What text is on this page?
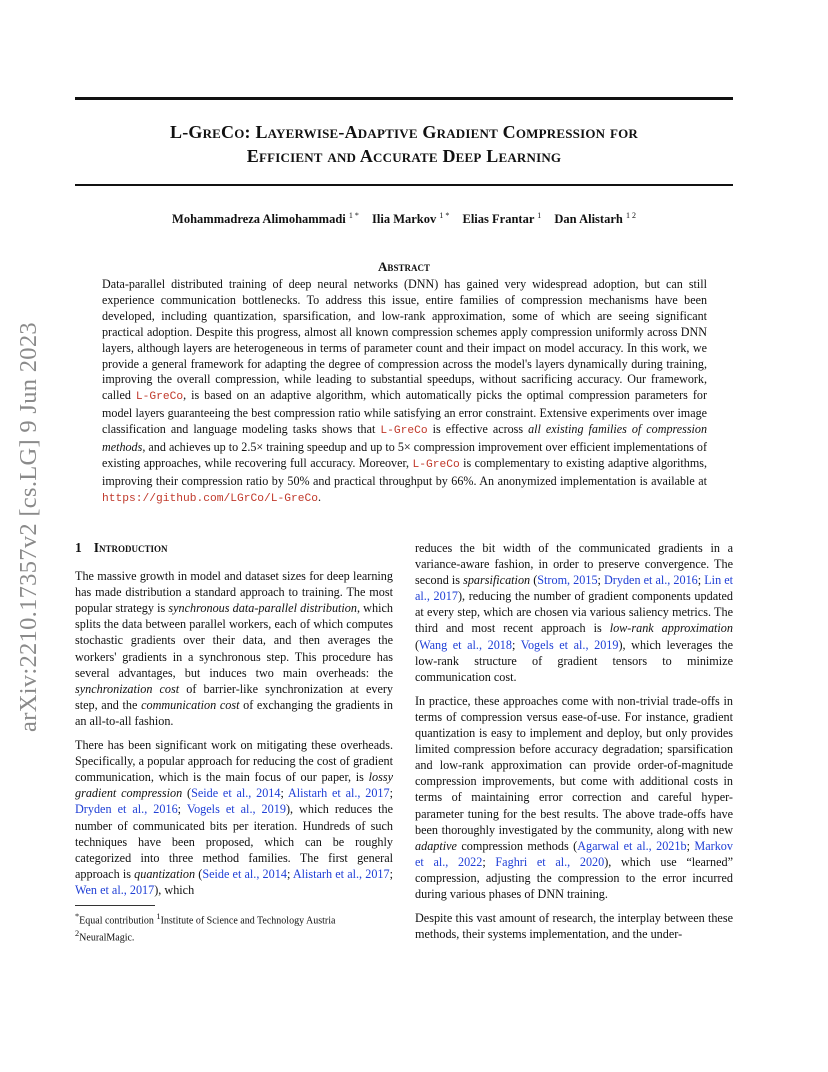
L-GreCo: Layerwise-Adaptive Gradient Compression for
Efficient and Accurate Deep Learning
Mohammadreza Alimohammadi $^{1 *}$ Ilia Markov $^{1 *}$ Elias Frantar $^1$ Dan Alistarh $^{1 2}$
Abstract
Data-parallel distributed training of deep neural networks (DNN) has gained very widespread adoption, but can still experience communication bottlenecks. To address this issue, entire families of compression mechanisms have been developed, including quantization, sparsification, and low-rank approximation, some of which are seeing significant practical adoption. Despite this progress, almost all known compression schemes apply compression uniformly across DNN layers, although layers are heterogeneous in terms of parameter count and their impact on model accuracy. In this work, we provide a general framework for adapting the degree of compression across the model's layers dynamically during training, improving the overall compression, while leading to substantial speedups, without sacrificing accuracy. Our framework, called L-GreCo, is based on an adaptive algorithm, which automatically picks the optimal compression parameters for model layers guaranteeing the best compression ratio while satisfying an error constraint. Extensive experiments over image classification and language modeling tasks shows that L-GreCo is effective across all existing families of compression methods, and achieves up to 2.5× training speedup and up to 5× compression improvement over efficient implementations of existing approaches, while recovering full accuracy. Moreover, L-GreCo is complementary to existing adaptive algorithms, improving their compression ratio by 50% and practical throughput by 66%. An anonymized implementation is available at https://github.com/LGrCo/L-GreCo.
arXiv:2210.17357v2 [cs.LG] 9 Jun 2023 1 Introduction

The massive growth in model and dataset sizes for deep learning has made distribution a standard approach to training. The most popular strategy is synchronous data-parallel distribution, which splits the data between parallel workers, each of which computes stochastic gradients over their data, and then averages the workers' gradients in a synchronous step. This procedure has several advantages, but induces two main overheads: the synchronization cost of barrier-like synchronization at every step, and the communication cost of exchanging the gradients in an all-to-all fashion.

There has been significant work on mitigating these overheads. Specifically, a popular approach for reducing the cost of gradient communication, which is the main focus of our paper, is lossy gradient compression (Seide et al., 2014; Alistarh et al., 2017; Dryden et al., 2016; Vogels et al., 2019), which reduces the number of communicated bits per iteration. Hundreds of such techniques have been proposed, which can be roughly categorized into three method families. The first general approach is quantization (Seide et al., 2014; Alistarh et al., 2017; Wen et al., 2017), which

*Equal contribution $^1$Institute of Science and Technology Austria $^2$NeuralMagic.

reduces the bit width of the communicated gradients in a variance-aware fashion, in order to preserve convergence. The second is sparsification (Strom, 2015; Dryden et al., 2016; Lin et al., 2017), reducing the number of gradient components updated at every step, which are chosen via various saliency metrics. The third and most recent approach is low-rank approximation (Wang et al., 2018; Vogels et al., 2019), which leverages the low-rank structure of gradient tensors to minimize communication cost.

In practice, these approaches come with non-trivial trade-offs in terms of compression versus ease-of-use. For instance, gradient quantization is easy to implement and deploy, but only provides limited compression before accuracy degradation; sparsification and low-rank approximation can provide order-of-magnitude compression improvements, but come with additional costs in terms of maintaining error correction and careful hyper-parameter tuning for the best results. The above trade-offs have been thoroughly investigated by the community, along with new adaptive compression methods (Agarwal et al., 2021b; Markov et al., 2022; Faghri et al., 2020), which use “learned” compression, adjusting the compression to the error incurred during various phases of DNN training.

Despite this vast amount of research, the interplay between these methods, their systems implementation, and the under-
